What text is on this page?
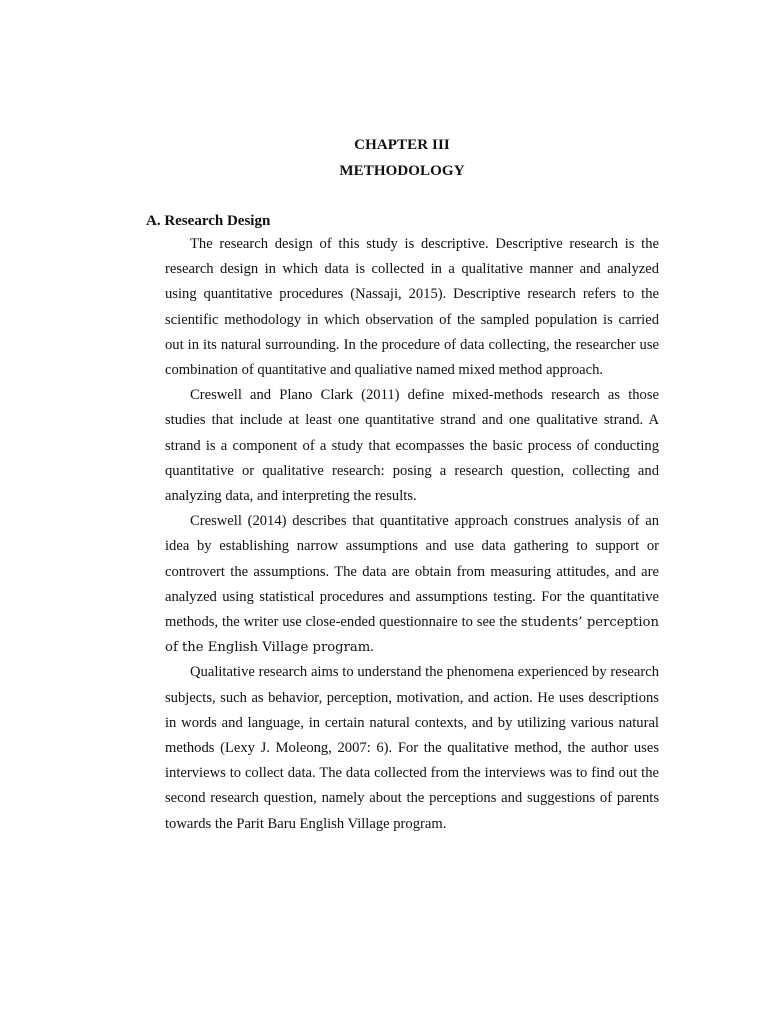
CHAPTER III
METHODOLOGY
A. Research Design

The research design of this study is descriptive. Descriptive research is the research design in which data is collected in a qualitative manner and analyzed using quantitative procedures (Nassaji, 2015). Descriptive research refers to the scientific methodology in which observation of the sampled population is carried out in its natural surrounding. In the procedure of data collecting, the researcher use combination of quantitative and qualiative named mixed method approach.

Creswell and Plano Clark (2011) define mixed-methods research as those studies that include at least one quantitative strand and one qualitative strand. A strand is a component of a study that ecompasses the basic process of conducting quantitative or qualitative research: posing a research question, collecting and analyzing data, and interpreting the results.

Creswell (2014) describes that quantitative approach construes analysis of an idea by establishing narrow assumptions and use data gathering to support or controvert the assumptions. The data are obtain from measuring attitudes, and are analyzed using statistical procedures and assumptions testing. For the quantitative methods, the writer use close-ended questionnaire to see the students’ perception of the English Village program.

Qualitative research aims to understand the phenomena experienced by research subjects, such as behavior, perception, motivation, and action. He uses descriptions in words and language, in certain natural contexts, and by utilizing various natural methods (Lexy J. Moleong, 2007: 6). For the qualitative method, the author uses interviews to collect data. The data collected from the interviews was to find out the second research question, namely about the perceptions and suggestions of parents towards the Parit Baru English Village program.
